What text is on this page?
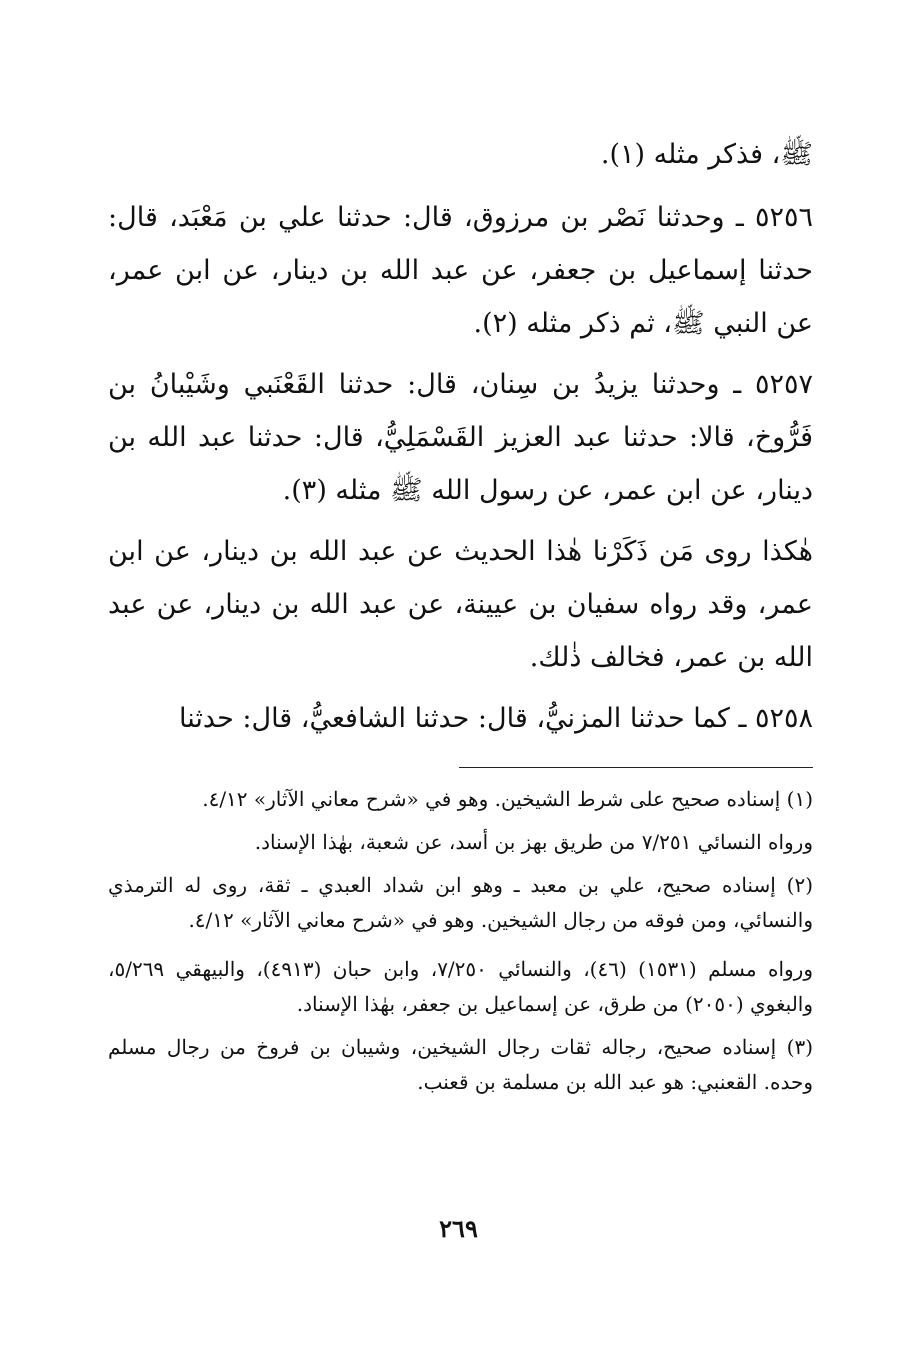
ﷺ، فذكر مثله (١).

٥٢٥٦ ـ وحدثنا نَصْر بن مرزوق، قال: حدثنا علي بن مَعْبَد، قال: حدثنا إسماعيل بن جعفر، عن عبد الله بن دينار، عن ابن عمر، عن النبي ﷺ، ثم ذكر مثله (٢).

٥٢٥٧ ـ وحدثنا يزيدُ بن سِنان، قال: حدثنا القَعْنَبي وشَيْبانُ بن فَرُّوخ، قالا: حدثنا عبد العزيز القَسْمَلِيُّ، قال: حدثنا عبد الله بن دينار، عن ابن عمر، عن رسول الله ﷺ مثله (٣).

هٰكذا روى مَن ذَكَرْنا هٰذا الحديث عن عبد الله بن دينار، عن ابن عمر، وقد رواه سفيان بن عيينة، عن عبد الله بن دينار، عن عبد الله بن عمر، فخالف ذٰلك.

٥٢٥٨ ـ كما حدثنا المزنيُّ، قال: حدثنا الشافعيُّ، قال: حدثنا

(١) إسناده صحيح على شرط الشيخين. وهو في «شرح معاني الآثار» ٤/١٢.

ورواه النسائي ٧/٢٥١ من طريق بهز بن أسد، عن شعبة، بهٰذا الإسناد.

(٢) إسناده صحيح، علي بن معبد ـ وهو ابن شداد العبدي ـ ثقة، روى له الترمذي والنسائي، ومن فوقه من رجال الشيخين. وهو في «شرح معاني الآثار» ٤/١٢.

ورواه مسلم (١٥٣١) (٤٦)، والنسائي ٧/٢٥٠، وابن حبان (٤٩١٣)، والبيهقي ٥/٢٦٩، والبغوي (٢٠٥٠) من طرق، عن إسماعيل بن جعفر، بهٰذا الإسناد.

(٣) إسناده صحيح، رجاله ثقات رجال الشيخين، وشيبان بن فروخ من رجال مسلم وحده. القعنبي: هو عبد الله بن مسلمة بن قعنب.

٢٦٩
